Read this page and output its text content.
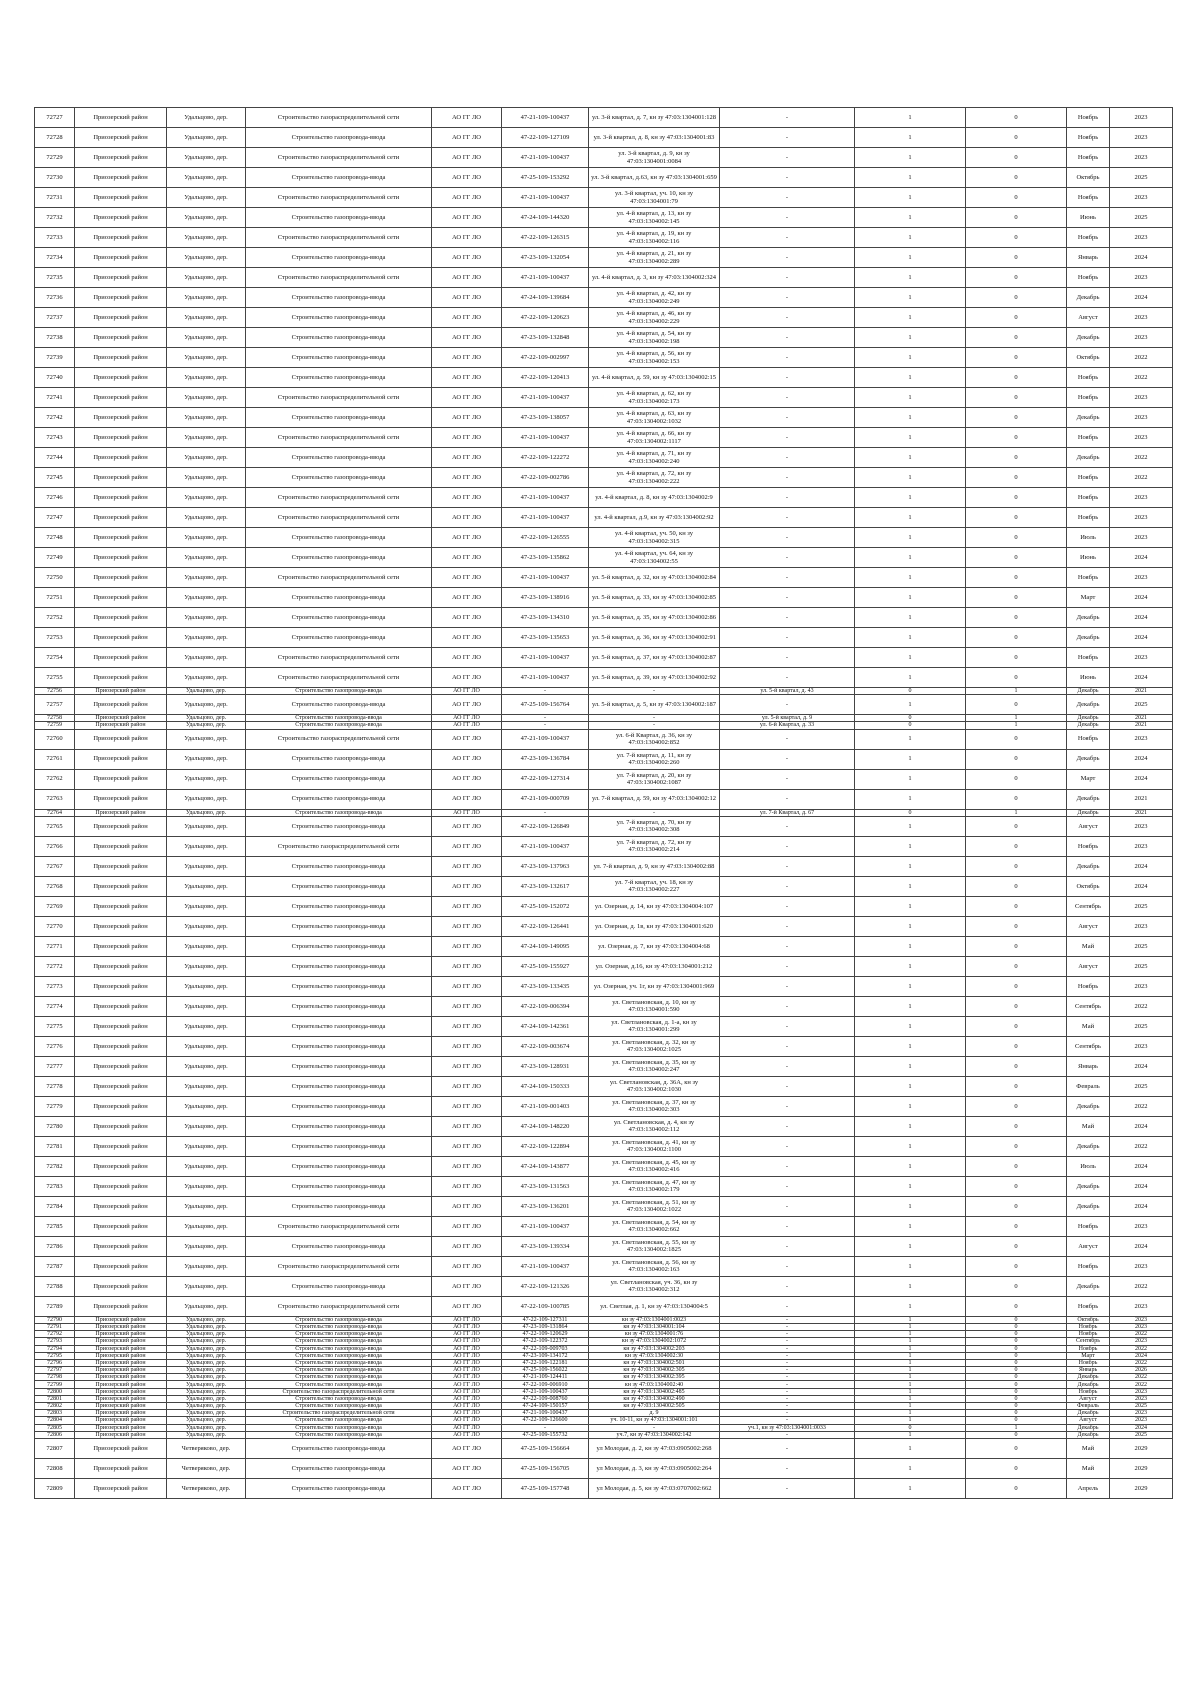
72727	Приозерский район	Удальцово, дер.	Строительство газораспределительной сети	АО ГГ ЛО	47-21-109-100437	ул. 3-й квартал, д. 7, кн зу 47:03:1304001:128	-	1	0	Ноябрь	2023
72728	Приозерский район	Удальцово, дер.	Строительство газопровода-ввода	АО ГГ ЛО	47-22-109-127109	ул. 3-й квартал, д. 8, кн зу 47:03:1304001:83	-	1	0	Ноябрь	2023
72729	Приозерский район	Удальцово, дер.	Строительство газораспределительной сети	АО ГГ ЛО	47-21-109-100437	ул. 3-й квартал, д. 9, кн зу 47:03:1304001:0084	-	1	0	Ноябрь	2023
72730	Приозерский район	Удальцово, дер.	Строительство газопровода-ввода	АО ГГ ЛО	47-25-109-153292	ул. 3-й квартал, д.63, кн зу 47:03:1304001:659	-	1	0	Октябрь	2025
72731	Приозерский район	Удальцово, дер.	Строительство газораспределительной сети	АО ГГ ЛО	47-21-109-100437	ул. 3-й квартал, уч. 10, кн зу 47:03:1304001:79	-	1	0	Ноябрь	2023
72732	Приозерский район	Удальцово, дер.	Строительство газопровода-ввода	АО ГГ ЛО	47-24-109-144320	ул. 4-й квартал, д. 13, кн зу 47:03:1304002:145	-	1	0	Июнь	2025
72733	Приозерский район	Удальцово, дер.	Строительство газораспределительной сети	АО ГГ ЛО	47-22-109-126315	ул. 4-й квартал, д. 19, кн зу 47:03:1304002:116	-	1	0	Ноябрь	2023
72734	Приозерский район	Удальцово, дер.	Строительство газопровода-ввода	АО ГГ ЛО	47-23-109-132054	ул. 4-й квартал, д. 21, кн зу 47:03:1304002:289	-	1	0	Январь	2024
72735	Приозерский район	Удальцово, дер.	Строительство газораспределительной сети	АО ГГ ЛО	47-21-109-100437	ул. 4-й квартал, д. 3, кн зу 47:03:1304002:324	-	1	0	Ноябрь	2023
72736	Приозерский район	Удальцово, дер.	Строительство газопровода-ввода	АО ГГ ЛО	47-24-109-139684	ул. 4-й квартал, д. 42, кн зу 47:03:1304002:249	-	1	0	Декабрь	2024
72737	Приозерский район	Удальцово, дер.	Строительство газопровода-ввода	АО ГГ ЛО	47-22-109-120623	ул. 4-й квартал, д. 46, кн зу 47:03:1304002:229	-	1	0	Август	2023
72738	Приозерский район	Удальцово, дер.	Строительство газопровода-ввода	АО ГГ ЛО	47-23-109-132848	ул. 4-й квартал, д. 54, кн зу 47:03:1304002:198	-	1	0	Декабрь	2023
72739	Приозерский район	Удальцово, дер.	Строительство газопровода-ввода	АО ГГ ЛО	47-22-109-002997	ул. 4-й квартал, д. 56, кн зу 47:03:1304002:153	-	1	0	Октябрь	2022
72740	Приозерский район	Удальцово, дер.	Строительство газопровода-ввода	АО ГГ ЛО	47-22-109-120413	ул. 4-й квартал, д. 59, кн зу 47:03:1304002:15	-	1	0	Ноябрь	2022
72741	Приозерский район	Удальцово, дер.	Строительство газораспределительной сети	АО ГГ ЛО	47-21-109-100437	ул. 4-й квартал, д. 62, кн зу 47:03:1304002:173	-	1	0	Ноябрь	2023
72742	Приозерский район	Удальцово, дер.	Строительство газопровода-ввода	АО ГГ ЛО	47-23-109-138057	ул. 4-й квартал, д. 63, кн зу 47:03:1304002:1032	-	1	0	Декабрь	2023
72743	Приозерский район	Удальцово, дер.	Строительство газораспределительной сети	АО ГГ ЛО	47-21-109-100437	ул. 4-й квартал, д. 66, кн зу 47:03:1304002:1117	-	1	0	Ноябрь	2023
72744	Приозерский район	Удальцово, дер.	Строительство газопровода-ввода	АО ГГ ЛО	47-22-109-122272	ул. 4-й квартал, д. 71, кн зу 47:03:1304002:240	-	1	0	Декабрь	2022
72745	Приозерский район	Удальцово, дер.	Строительство газопровода-ввода	АО ГГ ЛО	47-22-109-002786	ул. 4-й квартал, д. 72, кн зу 47:03:1304002:222	-	1	0	Ноябрь	2022
72746	Приозерский район	Удальцово, дер.	Строительство газораспределительной сети	АО ГГ ЛО	47-21-109-100437	ул. 4-й квартал, д. 8, кн зу 47:03:1304002:9	-	1	0	Ноябрь	2023
72747	Приозерский район	Удальцово, дер.	Строительство газораспределительной сети	АО ГГ ЛО	47-21-109-100437	ул. 4-й квартал, д.9, кн зу 47:03:1304002:92	-	1	0	Ноябрь	2023
72748	Приозерский район	Удальцово, дер.	Строительство газопровода-ввода	АО ГГ ЛО	47-22-109-126555	ул. 4-й квартал, уч. 50, кн зу 47:03:1304002:315	-	1	0	Июль	2023
72749	Приозерский район	Удальцово, дер.	Строительство газопровода-ввода	АО ГГ ЛО	47-23-109-135862	ул. 4-й квартал, уч. 64, кн зу 47:03:1304002:55	-	1	0	Июнь	2024
72750	Приозерский район	Удальцово, дер.	Строительство газораспределительной сети	АО ГГ ЛО	47-21-109-100437	ул. 5-й квартал, д. 32, кн зу 47:03:1304002:84	-	1	0	Ноябрь	2023
72751	Приозерский район	Удальцово, дер.	Строительство газопровода-ввода	АО ГГ ЛО	47-23-109-138916	ул. 5-й квартал, д. 33, кн зу 47:03:1304002:85	-	1	0	Март	2024
72752	Приозерский район	Удальцово, дер.	Строительство газопровода-ввода	АО ГГ ЛО	47-23-109-134310	ул. 5-й квартал, д. 35, кн зу 47:03:1304002:86	-	1	0	Декабрь	2024
72753	Приозерский район	Удальцово, дер.	Строительство газопровода-ввода	АО ГГ ЛО	47-23-109-135653	ул. 5-й квартал, д. 36, кн зу 47:03:1304002:91	-	1	0	Декабрь	2024
72754	Приозерский район	Удальцово, дер.	Строительство газораспределительной сети	АО ГГ ЛО	47-21-109-100437	ул. 5-й квартал, д. 37, кн зу 47:03:1304002:87	-	1	0	Ноябрь	2023
72755	Приозерский район	Удальцово, дер.	Строительство газораспределительной сети	АО ГГ ЛО	47-21-109-100437	ул. 5-й квартал, д. 39, кн зу 47:03:1304002:92	-	1	0	Июнь	2024
72756	Приозерский район	Удальцово, дер.	Строительство газопровода-ввода	АО ГГ ЛО	-	-	ул. 5-й квартал, д. 43	0	1	Декабрь	2021
72757	Приозерский район	Удальцово, дер.	Строительство газопровода-ввода	АО ГГ ЛО	47-25-109-156764	ул. 5-й квартал, д. 5, кн зу 47:03:1304002:187	-	1	0	Декабрь	2025
72758	Приозерский район	Удальцово, дер.	Строительство газопровода-ввода	АО ГГ ЛО	-	-	ул. 5-й квартал, д. 9	0	1	Декабрь	2021
72759	Приозерский район	Удальцово, дер.	Строительство газопровода-ввода	АО ГГ ЛО	-	-	ул. 6-й Квартал, д. 33	0	1	Декабрь	2021
72760	Приозерский район	Удальцово, дер.	Строительство газораспределительной сети	АО ГГ ЛО	47-21-109-100437	ул. 6-й Квартал, д. 36, кн зу 47:03:1304002:852	-	1	0	Ноябрь	2023
72761	Приозерский район	Удальцово, дер.	Строительство газопровода-ввода	АО ГГ ЛО	47-23-109-136784	ул. 7-й квартал, д. 11, кн зу 47:03:1304002:260	-	1	0	Декабрь	2024
72762	Приозерский район	Удальцово, дер.	Строительство газопровода-ввода	АО ГГ ЛО	47-22-109-127314	ул. 7-й квартал, д. 20, кн зу 47:03:1304002:1087	-	1	0	Март	2024
72763	Приозерский район	Удальцово, дер.	Строительство газопровода-ввода	АО ГГ ЛО	47-21-109-000709	ул. 7-й квартал, д. 59, кн зу 47:03:1304002:12	-	1	0	Декабрь	2021
72764	Приозерский район	Удальцово, дер.	Строительство газопровода-ввода	АО ГГ ЛО	-	-	ул. 7-й Квартал, д. 67	0	1	Декабрь	2021
72765	Приозерский район	Удальцово, дер.	Строительство газопровода-ввода	АО ГГ ЛО	47-22-109-126849	ул. 7-й квартал, д. 70, кн зу 47:03:1304002:308	-	1	0	Август	2023
72766	Приозерский район	Удальцово, дер.	Строительство газораспределительной сети	АО ГГ ЛО	47-21-109-100437	ул. 7-й квартал, д. 72, кн зу 47:03:1304002:214	-	1	0	Ноябрь	2023
72767	Приозерский район	Удальцово, дер.	Строительство газопровода-ввода	АО ГГ ЛО	47-23-109-137963	ул. 7-й квартал, д. 9, кн зу 47:03:1304002:88	-	1	0	Декабрь	2024
72768	Приозерский район	Удальцово, дер.	Строительство газопровода-ввода	АО ГГ ЛО	47-23-109-132617	ул. 7-й квартал, уч. 18, кн зу 47:03:1304002:227	-	1	0	Октябрь	2024
72769	Приозерский район	Удальцово, дер.	Строительство газопровода-ввода	АО ГГ ЛО	47-25-109-152072	ул. Озерная, д. 14, кн зу 47:03:1304004:107	-	1	0	Сентябрь	2025
72770	Приозерский район	Удальцово, дер.	Строительство газопровода-ввода	АО ГГ ЛО	47-22-109-126441	ул. Озерная, д. 1в, кн зу 47:03:1304001:620	-	1	0	Август	2023
72771	Приозерский район	Удальцово, дер.	Строительство газопровода-ввода	АО ГГ ЛО	47-24-109-149095	ул. Озерная, д. 7, кн зу 47:03:1304004:68	-	1	0	Май	2025
72772	Приозерский район	Удальцово, дер.	Строительство газопровода-ввода	АО ГГ ЛО	47-25-109-155927	ул. Озерная, д.16, кн зу 47:03:1304001:212	-	1	0	Август	2025
72773	Приозерский район	Удальцово, дер.	Строительство газопровода-ввода	АО ГГ ЛО	47-23-109-133435	ул. Озерная, уч. 1г, кн зу 47:03:1304001:969	-	1	0	Ноябрь	2023
72774	Приозерский район	Удальцово, дер.	Строительство газопровода-ввода	АО ГГ ЛО	47-22-109-006394	ул. Светлановская, д. 10, кн зу 47:03:1304001:590	-	1	0	Сентябрь	2022
72775	Приозерский район	Удальцово, дер.	Строительство газопровода-ввода	АО ГГ ЛО	47-24-109-142361	ул. Светлановская, д. 1-а, кн зу 47:03:1304001:299	-	1	0	Май	2025
72776	Приозерский район	Удальцово, дер.	Строительство газопровода-ввода	АО ГГ ЛО	47-22-109-003674	ул. Светлановская, д. 32, кн зу 47:03:1304002:1025	-	1	0	Сентябрь	2023
72777	Приозерский район	Удальцово, дер.	Строительство газопровода-ввода	АО ГГ ЛО	47-23-109-128931	ул. Светлановская, д. 35, кн зу 47:03:1304002:247	-	1	0	Январь	2024
72778	Приозерский район	Удальцово, дер.	Строительство газопровода-ввода	АО ГГ ЛО	47-24-109-150333	ул. Светлановская, д. 36А, кн зу 47:03:1304002:1030	-	1	0	Февраль	2025
72779	Приозерский район	Удальцово, дер.	Строительство газопровода-ввода	АО ГГ ЛО	47-21-109-001403	ул. Светлановская, д. 37, кн зу 47:03:1304002:303	-	1	0	Декабрь	2022
72780	Приозерский район	Удальцово, дер.	Строительство газопровода-ввода	АО ГГ ЛО	47-24-109-148220	ул. Светлановская, д. 4, кн зу 47:03:1304002:112	-	1	0	Май	2024
72781	Приозерский район	Удальцово, дер.	Строительство газопровода-ввода	АО ГГ ЛО	47-22-109-122894	ул. Светлановская, д. 41, кн зу 47:03:1304002:1100	-	1	0	Декабрь	2022
72782	Приозерский район	Удальцово, дер.	Строительство газопровода-ввода	АО ГГ ЛО	47-24-109-143877	ул. Светлановская, д. 45, кн зу 47:03:1304002:416	-	1	0	Июль	2024
72783	Приозерский район	Удальцово, дер.	Строительство газопровода-ввода	АО ГГ ЛО	47-23-109-131563	ул. Светлановская, д. 47, кн зу 47:03:1304002:179	-	1	0	Декабрь	2024
72784	Приозерский район	Удальцово, дер.	Строительство газопровода-ввода	АО ГГ ЛО	47-23-109-136201	ул. Светлановская, д. 51, кн зу 47:03:1304002:1022	-	1	0	Декабрь	2024
72785	Приозерский район	Удальцово, дер.	Строительство газораспределительной сети	АО ГГ ЛО	47-21-109-100437	ул. Светлановская, д. 54, кн зу 47:03:1304002:662	-	1	0	Ноябрь	2023
72786	Приозерский район	Удальцово, дер.	Строительство газопровода-ввода	АО ГГ ЛО	47-23-109-139334	ул. Светлановская, д. 55, кн зу 47:03:1304002:1825	-	1	0	Август	2024
72787	Приозерский район	Удальцово, дер.	Строительство газораспределительной сети	АО ГГ ЛО	47-21-109-100437	ул. Светлановская, д. 56, кн зу 47:03:1304002:163	-	1	0	Ноябрь	2023
72788	Приозерский район	Удальцово, дер.	Строительство газопровода-ввода	АО ГГ ЛО	47-22-109-121326	ул. Светлановская, уч. 36, кн зу 47:03:1304002:312	-	1	0	Декабрь	2022
72789	Приозерский район	Удальцово, дер.	Строительство газораспределительной сети	АО ГГ ЛО	47-22-109-100785	ул. Светлая, д. 1, кн зу 47:03:1304004:5	-	1	0	Ноябрь	2023
72790	Приозерский район	Удальцово, дер.	Строительство газопровода-ввода	АО ГГ ЛО	47-22-109-127311	кн зу 47:03:1304001:0023	-	1	0	Октябрь	2023
72791	Приозерский район	Удальцово, дер.	Строительство газопровода-ввода	АО ГГ ЛО	47-23-109-131864	кн зу 47:03:1304001:104	-	1	0	Ноябрь	2023
72792	Приозерский район	Удальцово, дер.	Строительство газопровода-ввода	АО ГГ ЛО	47-22-109-120629	кн зу 47:03:1304001:76	-	1	0	Ноябрь	2022
72793	Приозерский район	Удальцово, дер.	Строительство газопровода-ввода	АО ГГ ЛО	47-22-109-122372	кн зу 47:03:1304002:1072	-	1	0	Сентябрь	2023
72794	Приозерский район	Удальцово, дер.	Строительство газопровода-ввода	АО ГГ ЛО	47-22-109-009703	кн зу 47:03:1304002:203	-	1	0	Ноябрь	2022
72795	Приозерский район	Удальцово, дер.	Строительство газопровода-ввода	АО ГГ ЛО	47-23-109-134172	кн зу 47:03:1304002:30	-	1	0	Март	2024
72796	Приозерский район	Удальцово, дер.	Строительство газопровода-ввода	АО ГГ ЛО	47-22-109-122181	кн зу 47:03:1304002:501	-	1	0	Ноябрь	2022
72797	Приозерский район	Удальцово, дер.	Строительство газопровода-ввода	АО ГГ ЛО	47-25-109-156022	кн зу 47:03:1304002:305	-	1	0	Январь	2026
72798	Приозерский район	Удальцово, дер.	Строительство газопровода-ввода	АО ГГ ЛО	47-21-109-124411	кн зу 47:03:1304002:395	-	1	0	Декабрь	2022
72799	Приозерский район	Удальцово, дер.	Строительство газопровода-ввода	АО ГГ ЛО	47-22-109-006910	кн зу 47:03:1304002:40	-	1	0	Декабрь	2022
72800	Приозерский район	Удальцово, дер.	Строительство газораспределительной сети	АО ГГ ЛО	47-21-109-100437	кн зу 47:03:1304002:485	-	1	0	Ноябрь	2023
72801	Приозерский район	Удальцово, дер.	Строительство газопровода-ввода	АО ГГ ЛО	47-22-109-008760	кн зу 47:03:1304002:490	-	1	0	Август	2023
72802	Приозерский район	Удальцово, дер.	Строительство газопровода-ввода	АО ГГ ЛО	47-24-109-150157	кн зу 47:03:1304002:505	-	1	0	Февраль	2025
72803	Приозерский район	Удальцово, дер.	Строительство газораспределительной сети	АО ГГ ЛО	47-21-109-100437	д. 9	-	1	0	Декабрь	2023
72804	Приозерский район	Удальцово, дер.	Строительство газопровода-ввода	АО ГГ ЛО	47-22-109-126600	уч. 10-11, кн зу 47:03:1304001:101	-	1	0	Август	2023
72805	Приозерский район	Удальцово, дер.	Строительство газопровода-ввода	АО ГГ ЛО	-	-	уч.1, кн зу 47:03:1304001:0033	0	1	Декабрь	2024
72806	Приозерский район	Удальцово, дер.	Строительство газопровода-ввода	АО ГГ ЛО	47-25-109-155732	уч.7, кн зу 47:03:1304002:142	-	1	0	Декабрь	2025
72807	Приозерский район	Четверяково, дер.	Строительство газопровода-ввода	АО ГГ ЛО	47-25-109-156664	ул Молодая, д. 2, кн зу 47:03:0905002:268	-	1	0	Май	2029
72808	Приозерский район	Четверяково, дер.	Строительство газопровода-ввода	АО ГГ ЛО	47-25-109-156705	ул Молодая, д. 3, кн зу 47:03:0905002:264	-	1	0	Май	2029
72809	Приозерский район	Четверяково, дер.	Строительство газопровода-ввода	АО ГГ ЛО	47-25-109-157748	ул Молодая, д. 5, кн зу 47:03:0707002:662	-	1	0	Апрель	2029
